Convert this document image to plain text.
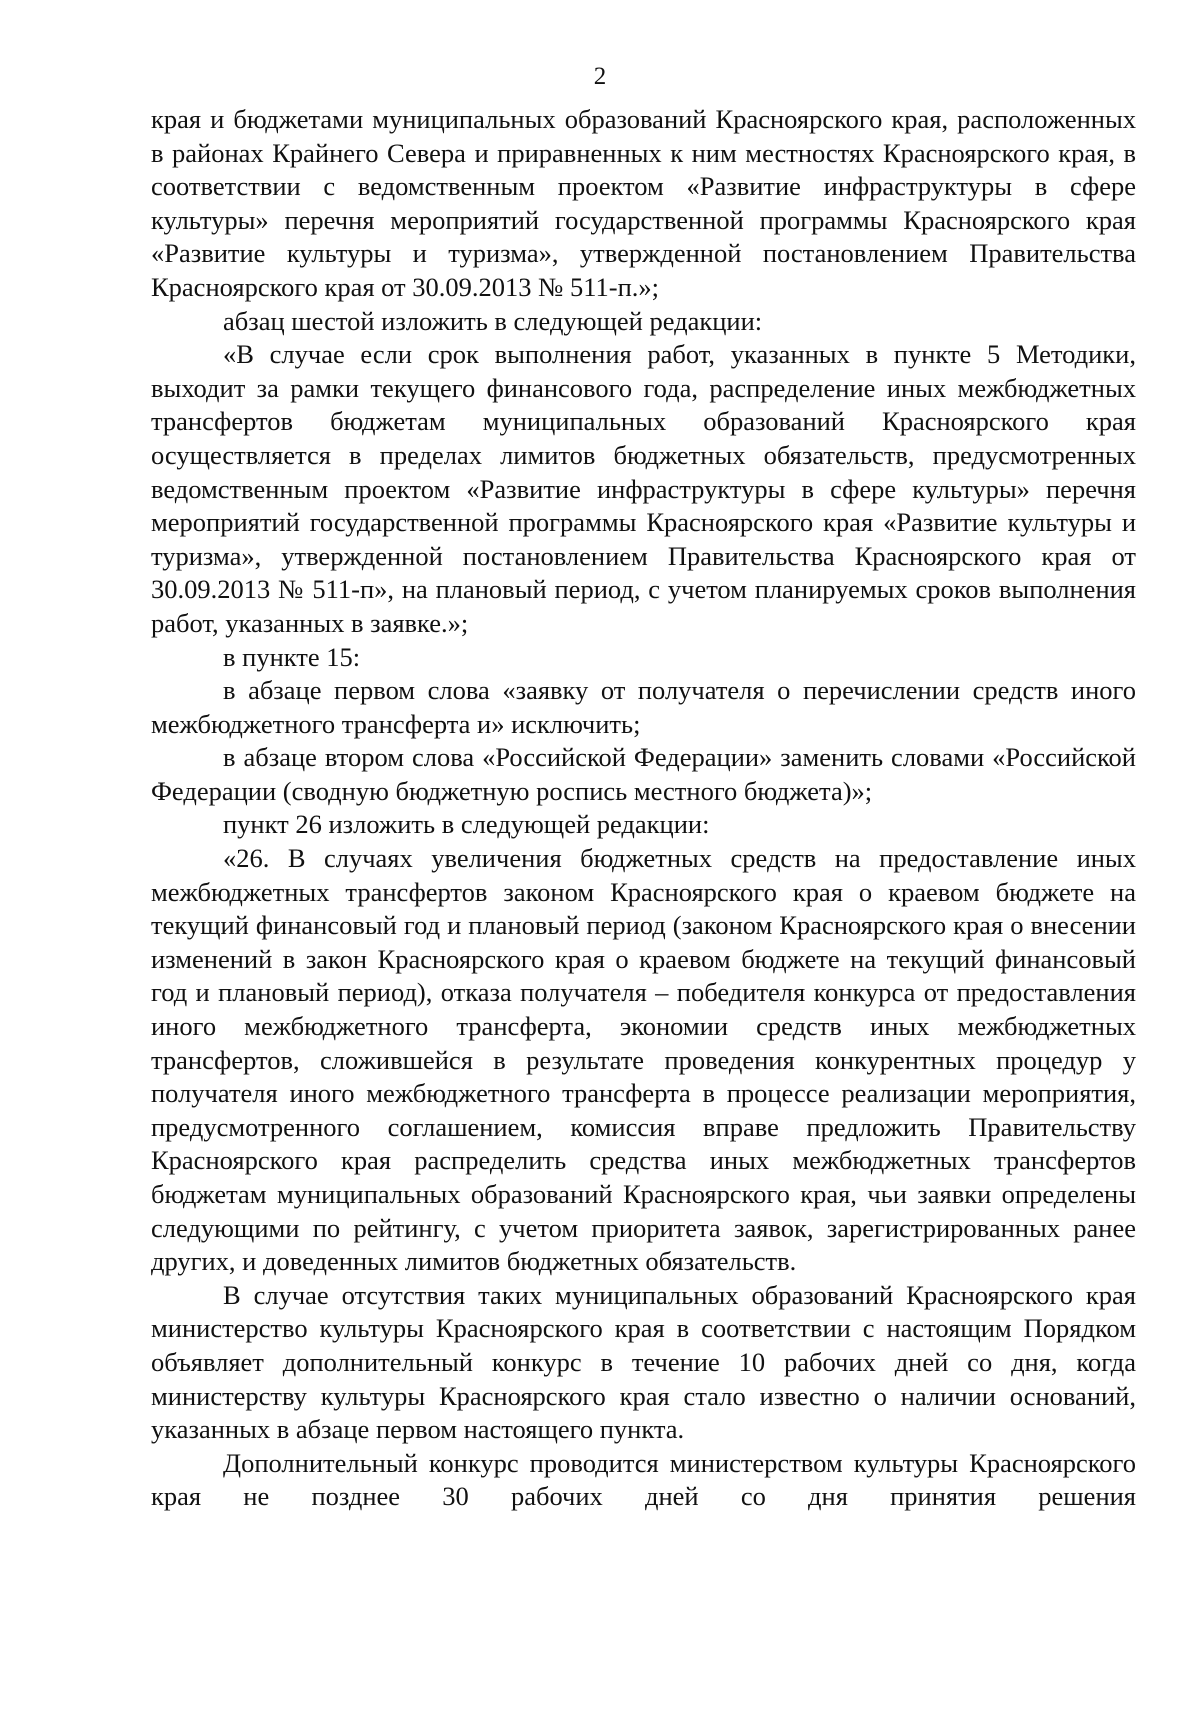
2

края и бюджетами муниципальных образований Красноярского края, расположенных в районах Крайнего Севера и приравненных к ним местностях Красноярского края, в соответствии с ведомственным проектом «Развитие инфраструктуры в сфере культуры» перечня мероприятий государственной программы Красноярского края «Развитие культуры и туризма», утвержденной постановлением Правительства Красноярского края от 30.09.2013 № 511-п.»;

абзац шестой изложить в следующей редакции:

«В случае если срок выполнения работ, указанных в пункте 5 Методики, выходит за рамки текущего финансового года, распределение иных межбюджетных трансфертов бюджетам муниципальных образований Красноярского края осуществляется в пределах лимитов бюджетных обязательств, предусмотренных ведомственным проектом «Развитие инфраструктуры в сфере культуры» перечня мероприятий государственной программы Красноярского края «Развитие культуры и туризма», утвержденной постановлением Правительства Красноярского края от 30.09.2013 № 511-п», на плановый период, с учетом планируемых сроков выполнения работ, указанных в заявке.»;

в пункте 15:

в абзаце первом слова «заявку от получателя о перечислении средств иного межбюджетного трансферта и» исключить;

в абзаце втором слова «Российской Федерации» заменить словами «Российской Федерации (сводную бюджетную роспись местного бюджета)»;

пункт 26 изложить в следующей редакции:

«26. В случаях увеличения бюджетных средств на предоставление иных межбюджетных трансфертов законом Красноярского края о краевом бюджете на текущий финансовый год и плановый период (законом Красноярского края о внесении изменений в закон Красноярского края о краевом бюджете на текущий финансовый год и плановый период), отказа получателя – победителя конкурса от предоставления иного межбюджетного трансферта, экономии средств иных межбюджетных трансфертов, сложившейся в результате проведения конкурентных процедур у получателя иного межбюджетного трансферта в процессе реализации мероприятия, предусмотренного соглашением, комиссия вправе предложить Правительству Красноярского края распределить средства иных межбюджетных трансфертов бюджетам муниципальных образований Красноярского края, чьи заявки определены следующими по рейтингу, с учетом приоритета заявок, зарегистрированных ранее других, и доведенных лимитов бюджетных обязательств.

В случае отсутствия таких муниципальных образований Красноярского края министерство культуры Красноярского края в соответствии с настоящим Порядком объявляет дополнительный конкурс в течение 10 рабочих дней со дня, когда министерству культуры Красноярского края стало известно о наличии оснований, указанных в абзаце первом настоящего пункта.

Дополнительный конкурс проводится министерством культуры Красноярского края не позднее 30 рабочих дней со дня принятия решения
